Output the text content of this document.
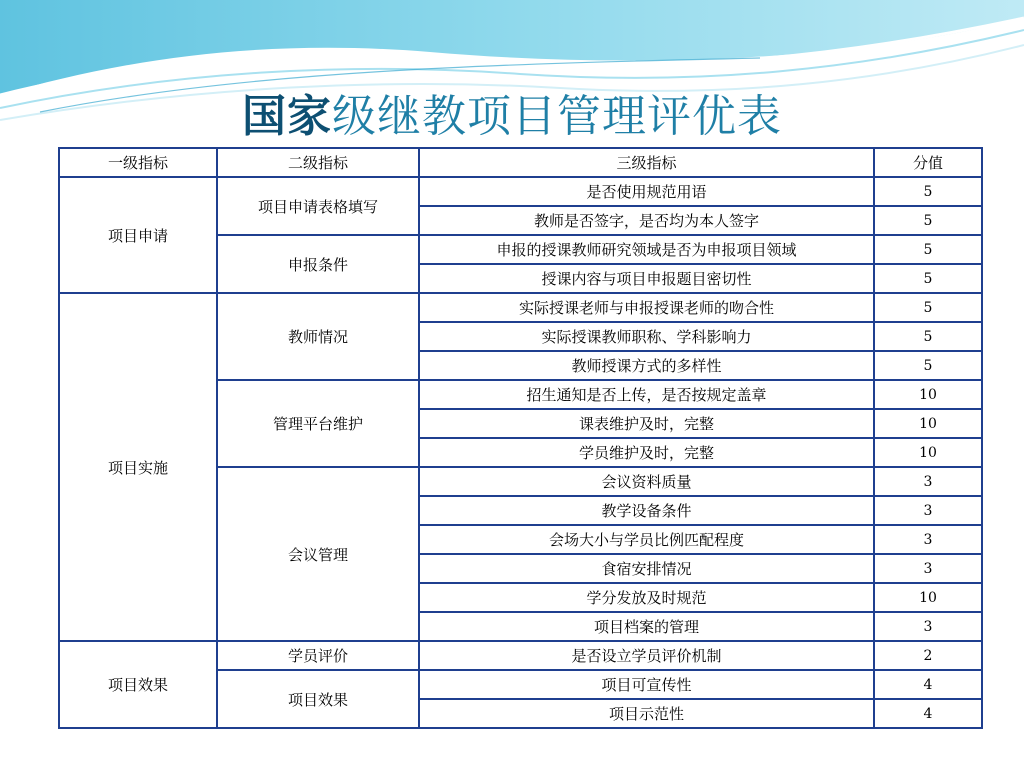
国家级继教项目管理评优表
一级指标	二级指标	三级指标	分值
项目申请	项目申请表格填写	是否使用规范用语	5
		教师是否签字，是否均为本人签字	5
	申报条件	申报的授课教师研究领域是否为申报项目领域	5
		授课内容与项目申报题目密切性	5
项目实施	教师情况	实际授课老师与申报授课老师的吻合性	5
		实际授课教师职称、学科影响力	5
		教师授课方式的多样性	5
	管理平台维护	招生通知是否上传，是否按规定盖章	10
		课表维护及时，完整	10
		学员维护及时，完整	10
	会议管理	会议资料质量	3
		教学设备条件	3
		会场大小与学员比例匹配程度	3
		食宿安排情况	3
		学分发放及时规范	10
		项目档案的管理	3
项目效果	学员评价	是否设立学员评价机制	2
	项目效果	项目可宣传性	4
		项目示范性	4
